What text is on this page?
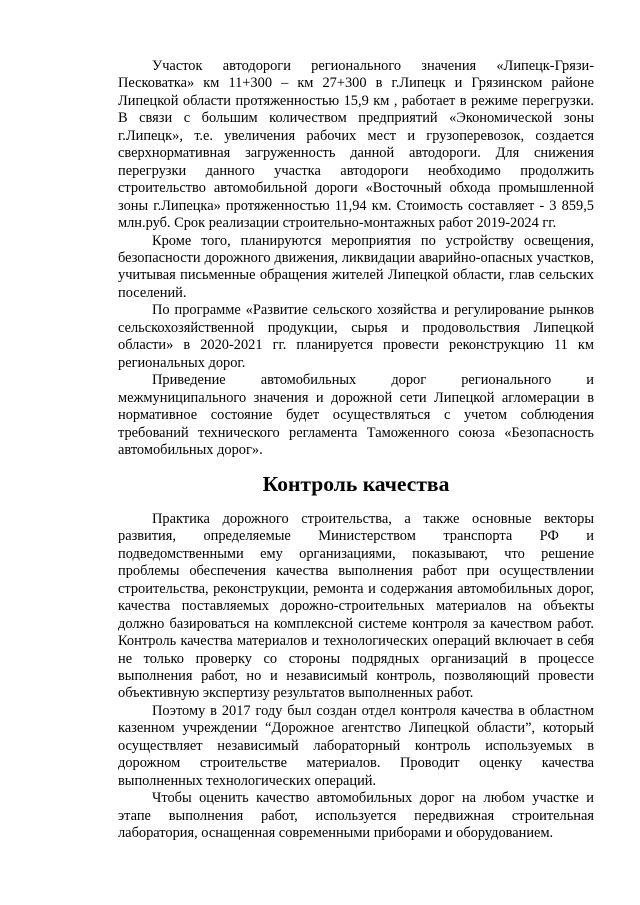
Участок автодороги регионального значения «Липецк-Грязи-Песковатка» км 11+300 – км 27+300 в г.Липецк и Грязинском районе Липецкой области протяженностью 15,9 км , работает в режиме перегрузки. В связи с большим количеством предприятий «Экономической зоны г.Липецк», т.е. увеличения рабочих мест и грузоперевозок, создается сверхнормативная загруженность данной автодороги. Для снижения перегрузки данного участка автодороги необходимо продолжить строительство автомобильной дороги «Восточный обхода промышленной зоны г.Липецка» протяженностью 11,94 км. Стоимость составляет - 3 859,5 млн.руб. Срок реализации строительно-монтажных работ 2019-2024 гг.

Кроме того, планируются мероприятия по устройству освещения, безопасности дорожного движения, ликвидации аварийно-опасных участков, учитывая письменные обращения жителей Липецкой области, глав сельских поселений.

По программе «Развитие сельского хозяйства и регулирование рынков сельскохозяйственной продукции, сырья и продовольствия Липецкой области» в 2020-2021 гг. планируется провести реконструкцию 11 км региональных дорог.

Приведение автомобильных дорог регионального и межмуниципального значения и дорожной сети Липецкой агломерации в нормативное состояние будет осуществляться с учетом соблюдения требований технического регламента Таможенного союза «Безопасность автомобильных дорог».

Контроль качества

Практика дорожного строительства, а также основные векторы развития, определяемые Министерством транспорта РФ и подведомственными ему организациями, показывают, что решение проблемы обеспечения качества выполнения работ при осуществлении строительства, реконструкции, ремонта и содержания автомобильных дорог, качества поставляемых дорожно-строительных материалов на объекты должно базироваться на комплексной системе контроля за качеством работ. Контроль качества материалов и технологических операций включает в себя не только проверку со стороны подрядных организаций в процессе выполнения работ, но и независимый контроль, позволяющий провести объективную экспертизу результатов выполненных работ.

Поэтому в 2017 году был создан отдел контроля качества в областном казенном учреждении “Дорожное агентство Липецкой области”, который осуществляет независимый лабораторный контроль используемых в дорожном строительстве материалов. Проводит оценку качества выполненных технологических операций.

Чтобы оценить качество автомобильных дорог на любом участке и этапе выполнения работ, используется передвижная строительная лаборатория, оснащенная современными приборами и оборудованием.
